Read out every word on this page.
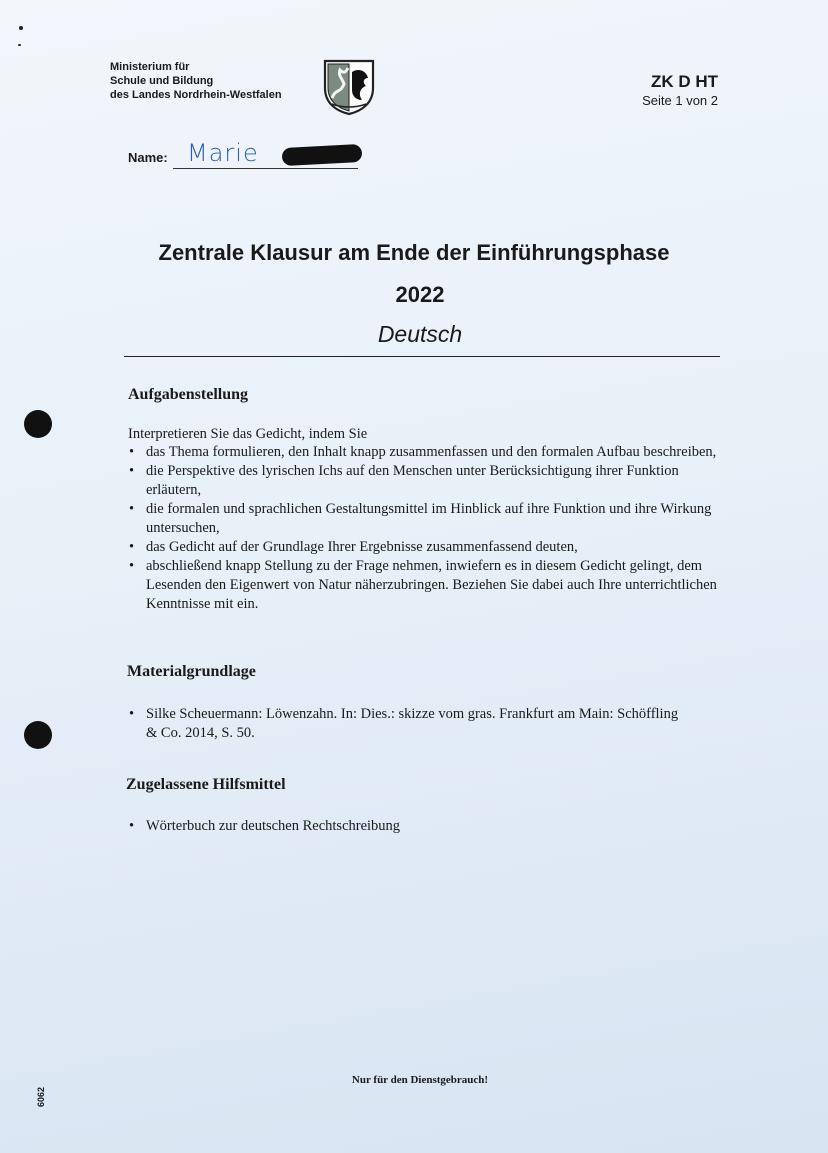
Ministerium für
Schule und Bildung
des Landes Nordrhein-Westfalen
ZK D HT
Seite 1 von 2
Name: Marie
Zentrale Klausur am Ende der Einführungsphase
2022
Deutsch
Aufgabenstellung
Interpretieren Sie das Gedicht, indem Sie
• das Thema formulieren, den Inhalt knapp zusammenfassen und den formalen Aufbau beschreiben,
• die Perspektive des lyrischen Ichs auf den Menschen unter Berücksichtigung ihrer Funktion erläutern,
• die formalen und sprachlichen Gestaltungsmittel im Hinblick auf ihre Funktion und ihre Wirkung untersuchen,
• das Gedicht auf der Grundlage Ihrer Ergebnisse zusammenfassend deuten,
• abschließend knapp Stellung zu der Frage nehmen, inwiefern es in diesem Gedicht gelingt, dem Lesenden den Eigenwert von Natur näherzubringen. Beziehen Sie dabei auch Ihre unterrichtlichen Kenntnisse mit ein.
Materialgrundlage
• Silke Scheuermann: Löwenzahn. In: Dies.: skizze vom gras. Frankfurt am Main: Schöffling & Co. 2014, S. 50.
Zugelassene Hilfsmittel
• Wörterbuch zur deutschen Rechtschreibung
Nur für den Dienstgebrauch!
6062
